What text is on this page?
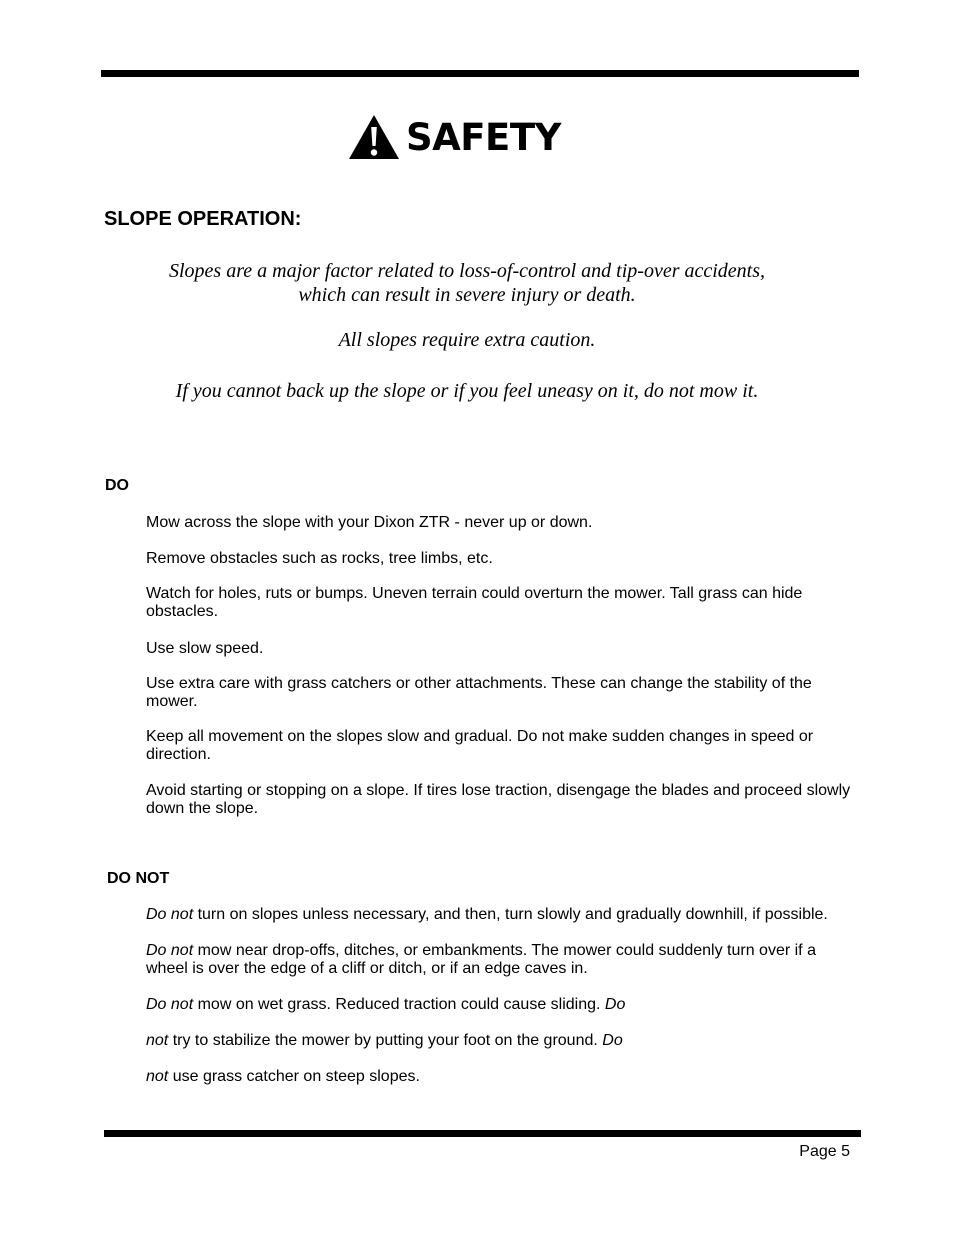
SAFETY
SLOPE OPERATION:
Slopes are a major factor related to loss-of-control and tip-over accidents,
which can result in severe injury or death.
All slopes require extra caution.
If you cannot back up the slope or if you feel uneasy on it, do not mow it.
DO
Mow across the slope with your Dixon ZTR - never up or down.
Remove obstacles such as rocks, tree limbs, etc.
Watch for holes, ruts or bumps. Uneven terrain could overturn the mower. Tall grass can hide obstacles.
Use slow speed.
Use extra care with grass catchers or other attachments. These can change the stability of the mower.
Keep all movement on the slopes slow and gradual. Do not make sudden changes in speed or direction.
Avoid starting or stopping on a slope. If tires lose traction, disengage the blades and proceed slowly down the slope.
DO NOT
Do not turn on slopes unless necessary, and then, turn slowly and gradually downhill, if possible.
Do not mow near drop-offs, ditches, or embankments. The mower could suddenly turn over if a wheel is over the edge of a cliff or ditch, or if an edge caves in.
Do not mow on wet grass. Reduced traction could cause sliding. Do
not try to stabilize the mower by putting your foot on the ground. Do
not use grass catcher on steep slopes.
Page 5
